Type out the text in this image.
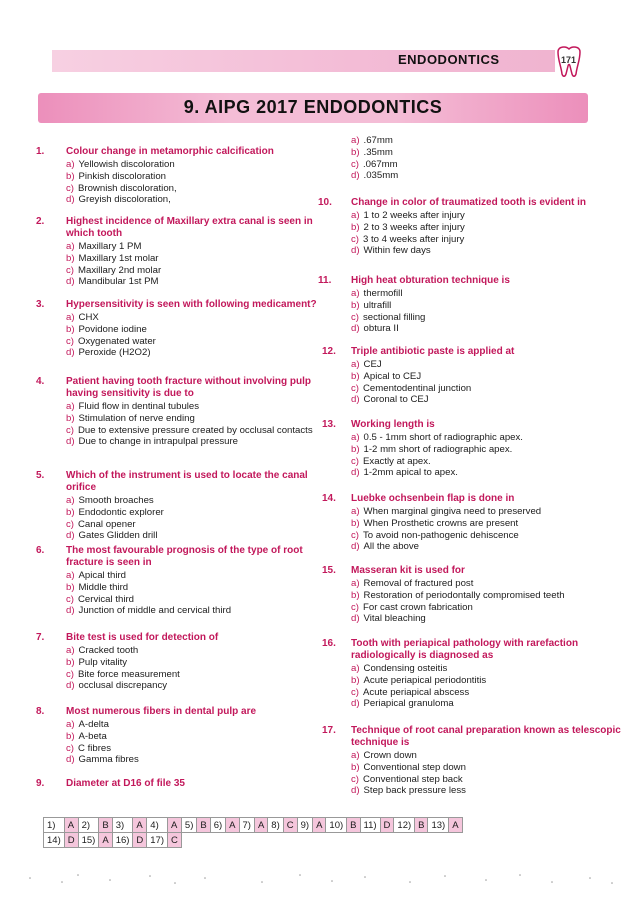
ENDODONTICS	171
9. AIPG 2017 ENDODONTICS
1. Colour change in metamorphic calcification
a) Yellowish discoloration
b) Pinkish discoloration
c) Brownish discoloration,
d) Greyish discoloration,
2. Highest incidence of Maxillary extra canal is seen in
which tooth
a) Maxillary 1 PM
b) Maxillary 1st molar
c) Maxillary 2nd molar
d) Mandibular 1st PM
3. Hypersensitivity is seen with following medicament?
a) CHX
b) Povidone iodine
c) Oxygenated water
d) Peroxide (H2O2)
4. Patient having tooth fracture without involving pulp
having sensitivity is due to
a) Fluid flow in dentinal tubules
b) Stimulation of nerve ending
c) Due to extensive pressure created by occlusal contacts
d) Due to change in intrapulpal pressure
5. Which of the instrument is used to locate the canal
orifice
a) Smooth broaches
b) Endodontic explorer
c) Canal opener
d) Gates Glidden drill
6. The most favourable prognosis of the type of root
fracture is seen in
a) Apical third
b) Middle third
c) Cervical third
d) Junction of middle and cervical third
7. Bite test is used for detection of
a) Cracked tooth
b) Pulp vitality
c) Bite force measurement
d) occlusal discrepancy
8. Most numerous fibers in dental pulp are
a) A-delta
b) A-beta
c) C fibres
d) Gamma fibres
9. Diameter at D16 of file 35
a) .67mm
b) .35mm
c) .067mm
d) .035mm
10. Change in color of traumatized tooth is evident in
a) 1 to 2 weeks after injury
b) 2 to 3 weeks after injury
c) 3 to 4 weeks after injury
d) Within few days
11. High heat obturation technique is
a) thermofill
b) ultrafill
c) sectional filling
d) obtura II
12. Triple antibiotic paste is applied at
a) CEJ
b) Apical to CEJ
c) Cementodentinal junction
d) Coronal to CEJ
13. Working length is
a) 0.5 - 1mm short of radiographic apex.
b) 1-2 mm short of radiographic apex.
c) Exactly at apex.
d) 1-2mm apical to apex.
14. Luebke ochsenbein flap is done in
a) When marginal gingiva need to preserved
b) When Prosthetic crowns are present
c) To avoid non-pathogenic dehiscence
d) All the above
15. Masseran kit is used for
a) Removal of fractured post
b) Restoration of periodontally compromised teeth
c) For cast crown fabrication
d) Vital bleaching
16. Tooth with periapical pathology with rarefaction
radiologically is diagnosed as
a) Condensing osteitis
b) Acute periapical periodontitis
c) Acute periapical abscess
d) Periapical granuloma
17. Technique of root canal preparation known as telescopic
technique is
a) Crown down
b) Conventional step down
c) Conventional step back
d) Step back pressure less
1)	A	2)	B	3)	A	4)	A	5)	B	6)	A	7)	A	8)	C	9)	A	10)	B	11)	D	12)	B	13)	A
14)	D	15)	A	16)	D	17)	C																		
